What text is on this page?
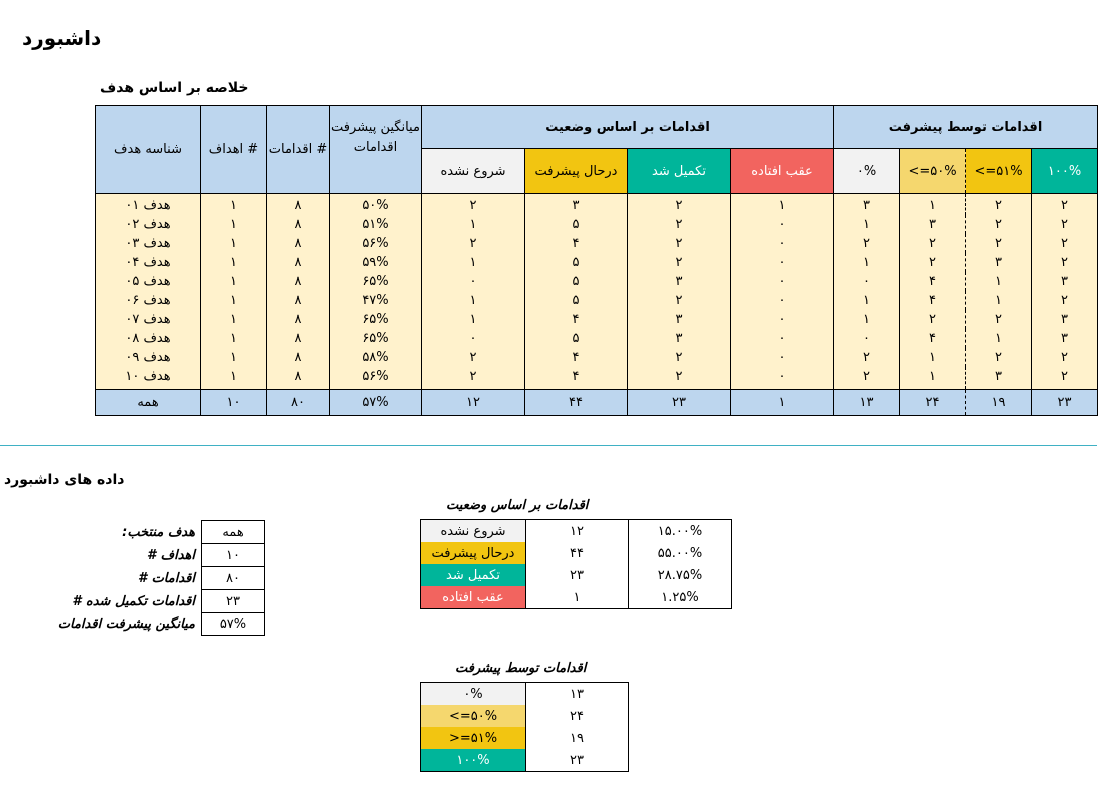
داشبورد
خلاصه بر اساس هدف
شناسه هدف	اهداف #	اقدامات #	میانگین پیشرفت اقدامات	اقدامات بر اساس وضعیت				اقدامات توسط پیشرفت			
				شروع نشده	درحال پیشرفت	تکمیل شد	عقب افتاده	۰%	<=۵۰%	<=۵۱%	۱۰۰%
هدف ۰۱	۱	۸	۵۰%	۲	۳	۲	۱	۳	۱	۲	۲
هدف ۰۲	۱	۸	۵۱%	۱	۵	۲	۰	۱	۳	۲	۲
هدف ۰۳	۱	۸	۵۶%	۲	۴	۲	۰	۲	۲	۲	۲
هدف ۰۴	۱	۸	۵۹%	۱	۵	۲	۰	۱	۲	۳	۲
هدف ۰۵	۱	۸	۶۵%	۰	۵	۳	۰	۰	۴	۱	۳
هدف ۰۶	۱	۸	۴۷%	۱	۵	۲	۰	۱	۴	۱	۲
هدف ۰۷	۱	۸	۶۵%	۱	۴	۳	۰	۱	۲	۲	۳
هدف ۰۸	۱	۸	۶۵%	۰	۵	۳	۰	۰	۴	۱	۳
هدف ۰۹	۱	۸	۵۸%	۲	۴	۲	۰	۲	۱	۲	۲
هدف ۱۰	۱	۸	۵۶%	۲	۴	۲	۰	۲	۱	۳	۲
همه	۱۰	۸۰	۵۷%	۱۲	۴۴	۲۳	۱	۱۳	۲۴	۱۹	۲۳
داده های داشبورد
هدف منتخب:	همه
اهداف #	۱۰
اقدامات #	۸۰
اقدامات تکمیل شده #	۲۳
میانگین پیشرفت اقدامات	۵۷%
اقدامات بر اساس وضعیت
شروع نشده	۱۲	۱۵.۰۰%
درحال پیشرفت	۴۴	۵۵.۰۰%
تکمیل شد	۲۳	۲۸.۷۵%
عقب افتاده	۱	۱.۲۵%
اقدامات توسط پیشرفت
۰%	۱۳
<=۵۰%	۲۴
>=۵۱%	۱۹
۱۰۰%	۲۳
